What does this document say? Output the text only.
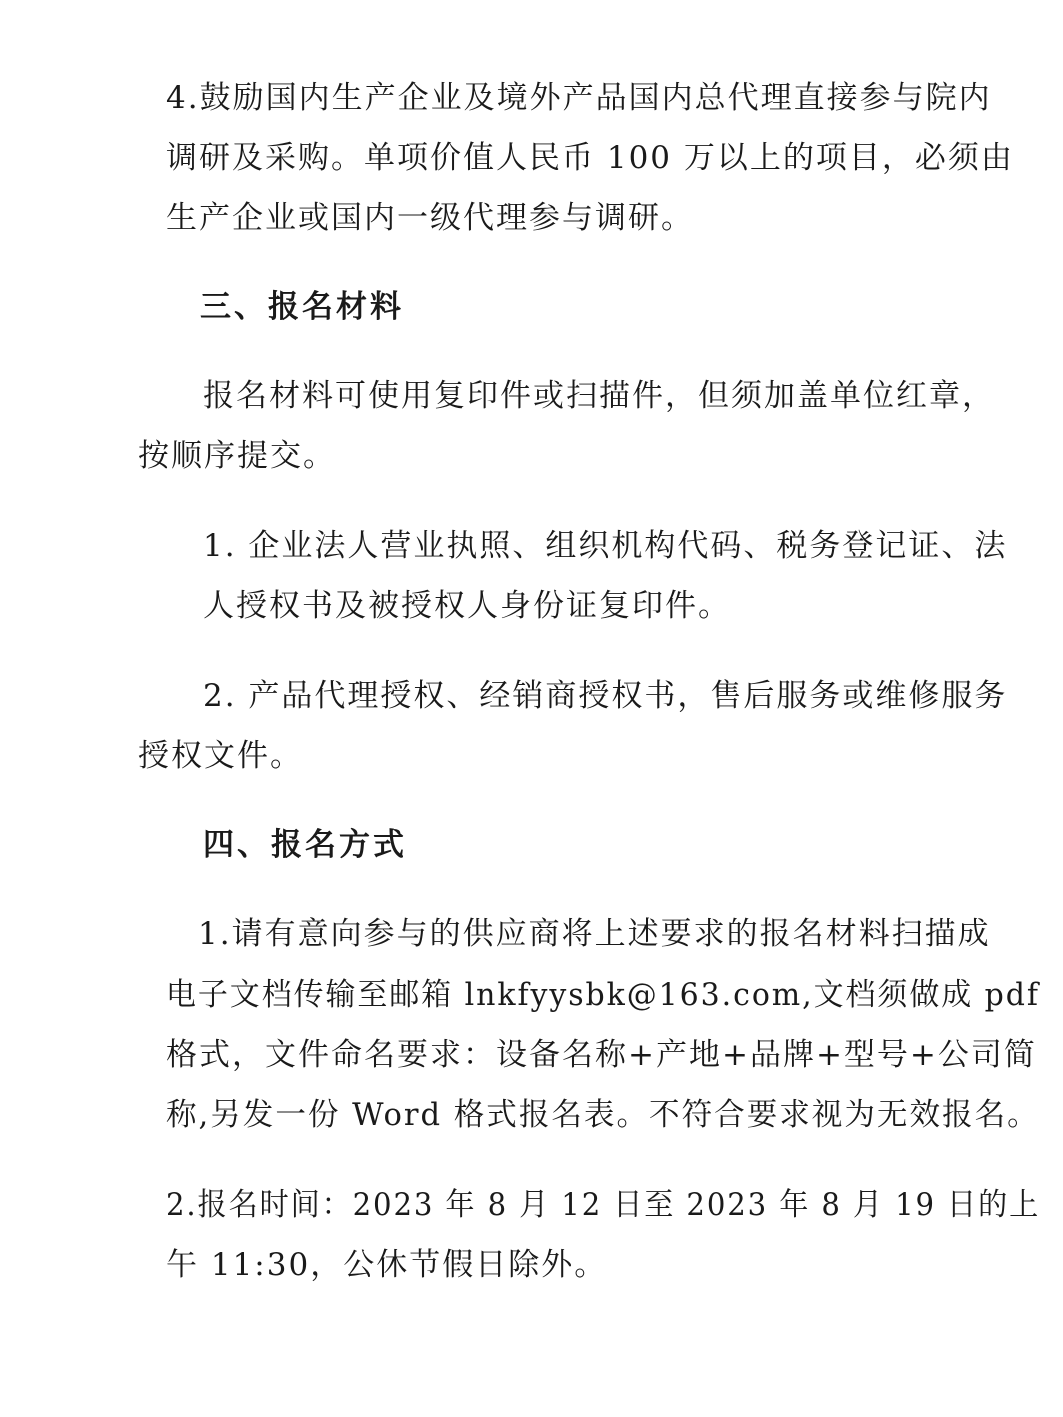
4.鼓励国内生产企业及境外产品国内总代理直接参与院内
调研及采购。单项价值人民币 100 万以上的项目，必须由
生产企业或国内一级代理参与调研。
三、报名材料
报名材料可使用复印件或扫描件，但须加盖单位红章，
按顺序提交。
1. 企业法人营业执照、组织机构代码、税务登记证、法
人授权书及被授权人身份证复印件。
2. 产品代理授权、经销商授权书，售后服务或维修服务
授权文件。
四、报名方式
1.请有意向参与的供应商将上述要求的报名材料扫描成
电子文档传输至邮箱 lnkfyysbk@163.com,文档须做成 pdf
格式，文件命名要求：设备名称+产地+品牌+型号+公司简
称,另发一份 Word 格式报名表。不符合要求视为无效报名。
2.报名时间：2023 年 8 月 12 日至 2023 年 8 月 19 日的上
午 11:30，公休节假日除外。
